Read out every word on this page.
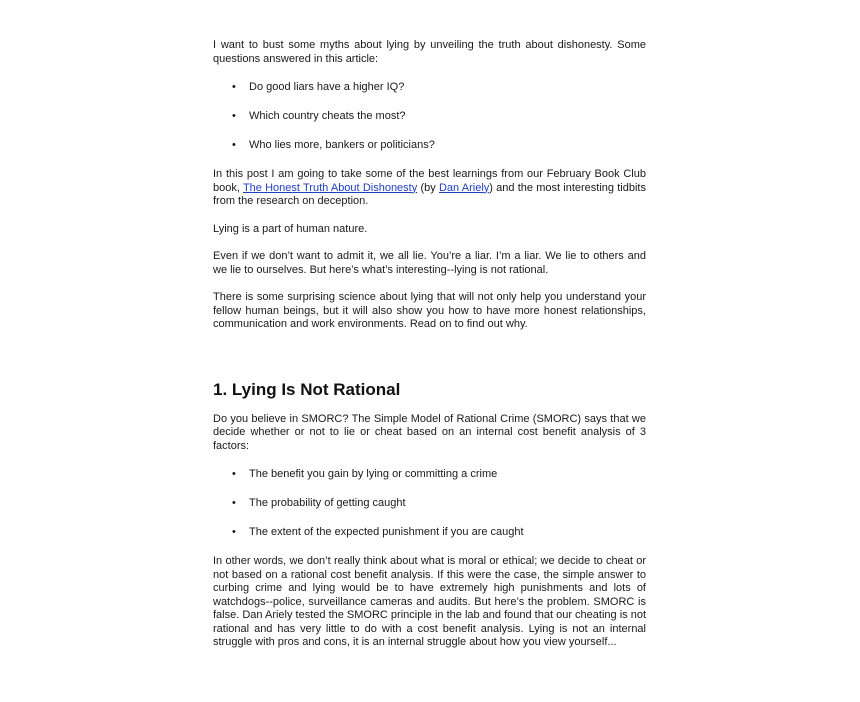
I want to bust some myths about lying by unveiling the truth about dishonesty. Some questions answered in this article:

• Do good liars have a higher IQ?
• Which country cheats the most?
• Who lies more, bankers or politicians?

In this post I am going to take some of the best learnings from our February Book Club book, The Honest Truth About Dishonesty (by Dan Ariely) and the most interesting tidbits from the research on deception.

Lying is a part of human nature.

Even if we don’t want to admit it, we all lie. You’re a liar. I’m a liar. We lie to others and we lie to ourselves. But here’s what’s interesting--lying is not rational.

There is some surprising science about lying that will not only help you understand your fellow human beings, but it will also show you how to have more honest relationships, communication and work environments. Read on to find out why.

1. Lying Is Not Rational

Do you believe in SMORC? The Simple Model of Rational Crime (SMORC) says that we decide whether or not to lie or cheat based on an internal cost benefit analysis of 3 factors:

• The benefit you gain by lying or committing a crime
• The probability of getting caught
• The extent of the expected punishment if you are caught

In other words, we don’t really think about what is moral or ethical; we decide to cheat or not based on a rational cost benefit analysis. If this were the case, the simple answer to curbing crime and lying would be to have extremely high punishments and lots of watchdogs--police, surveillance cameras and audits. But here’s the problem. SMORC is false. Dan Ariely tested the SMORC principle in the lab and found that our cheating is not rational and has very little to do with a cost benefit analysis. Lying is not an internal struggle with pros and cons, it is an internal struggle about how you view yourself...
